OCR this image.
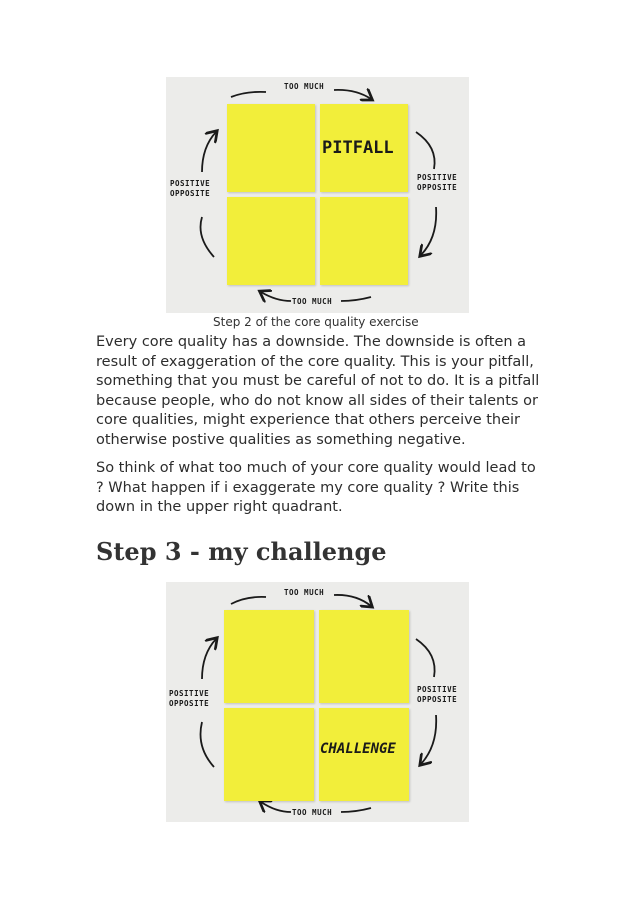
PITFALL
TOO MUCH
TOO MUCH
POSITIVE
OPPOSITE
POSITIVE
OPPOSITE
Step 2 of the core quality exercise

Every core quality has a downside. The downside is often a result of exaggeration of the core quality. This is your pitfall, something that you must be careful of not to do. It is a pitfall because people, who do not know all sides of their talents or core qualities, might experience that others perceive their otherwise postive qualities as something negative.

So think of what too much of your core quality would lead to ? What happen if i exaggerate my core quality ? Write this down in the upper right quadrant.

Step 3 - my challenge
CHALLENGE
TOO MUCH
TOO MUCH
POSITIVE
OPPOSITE
POSITIVE
OPPOSITE
